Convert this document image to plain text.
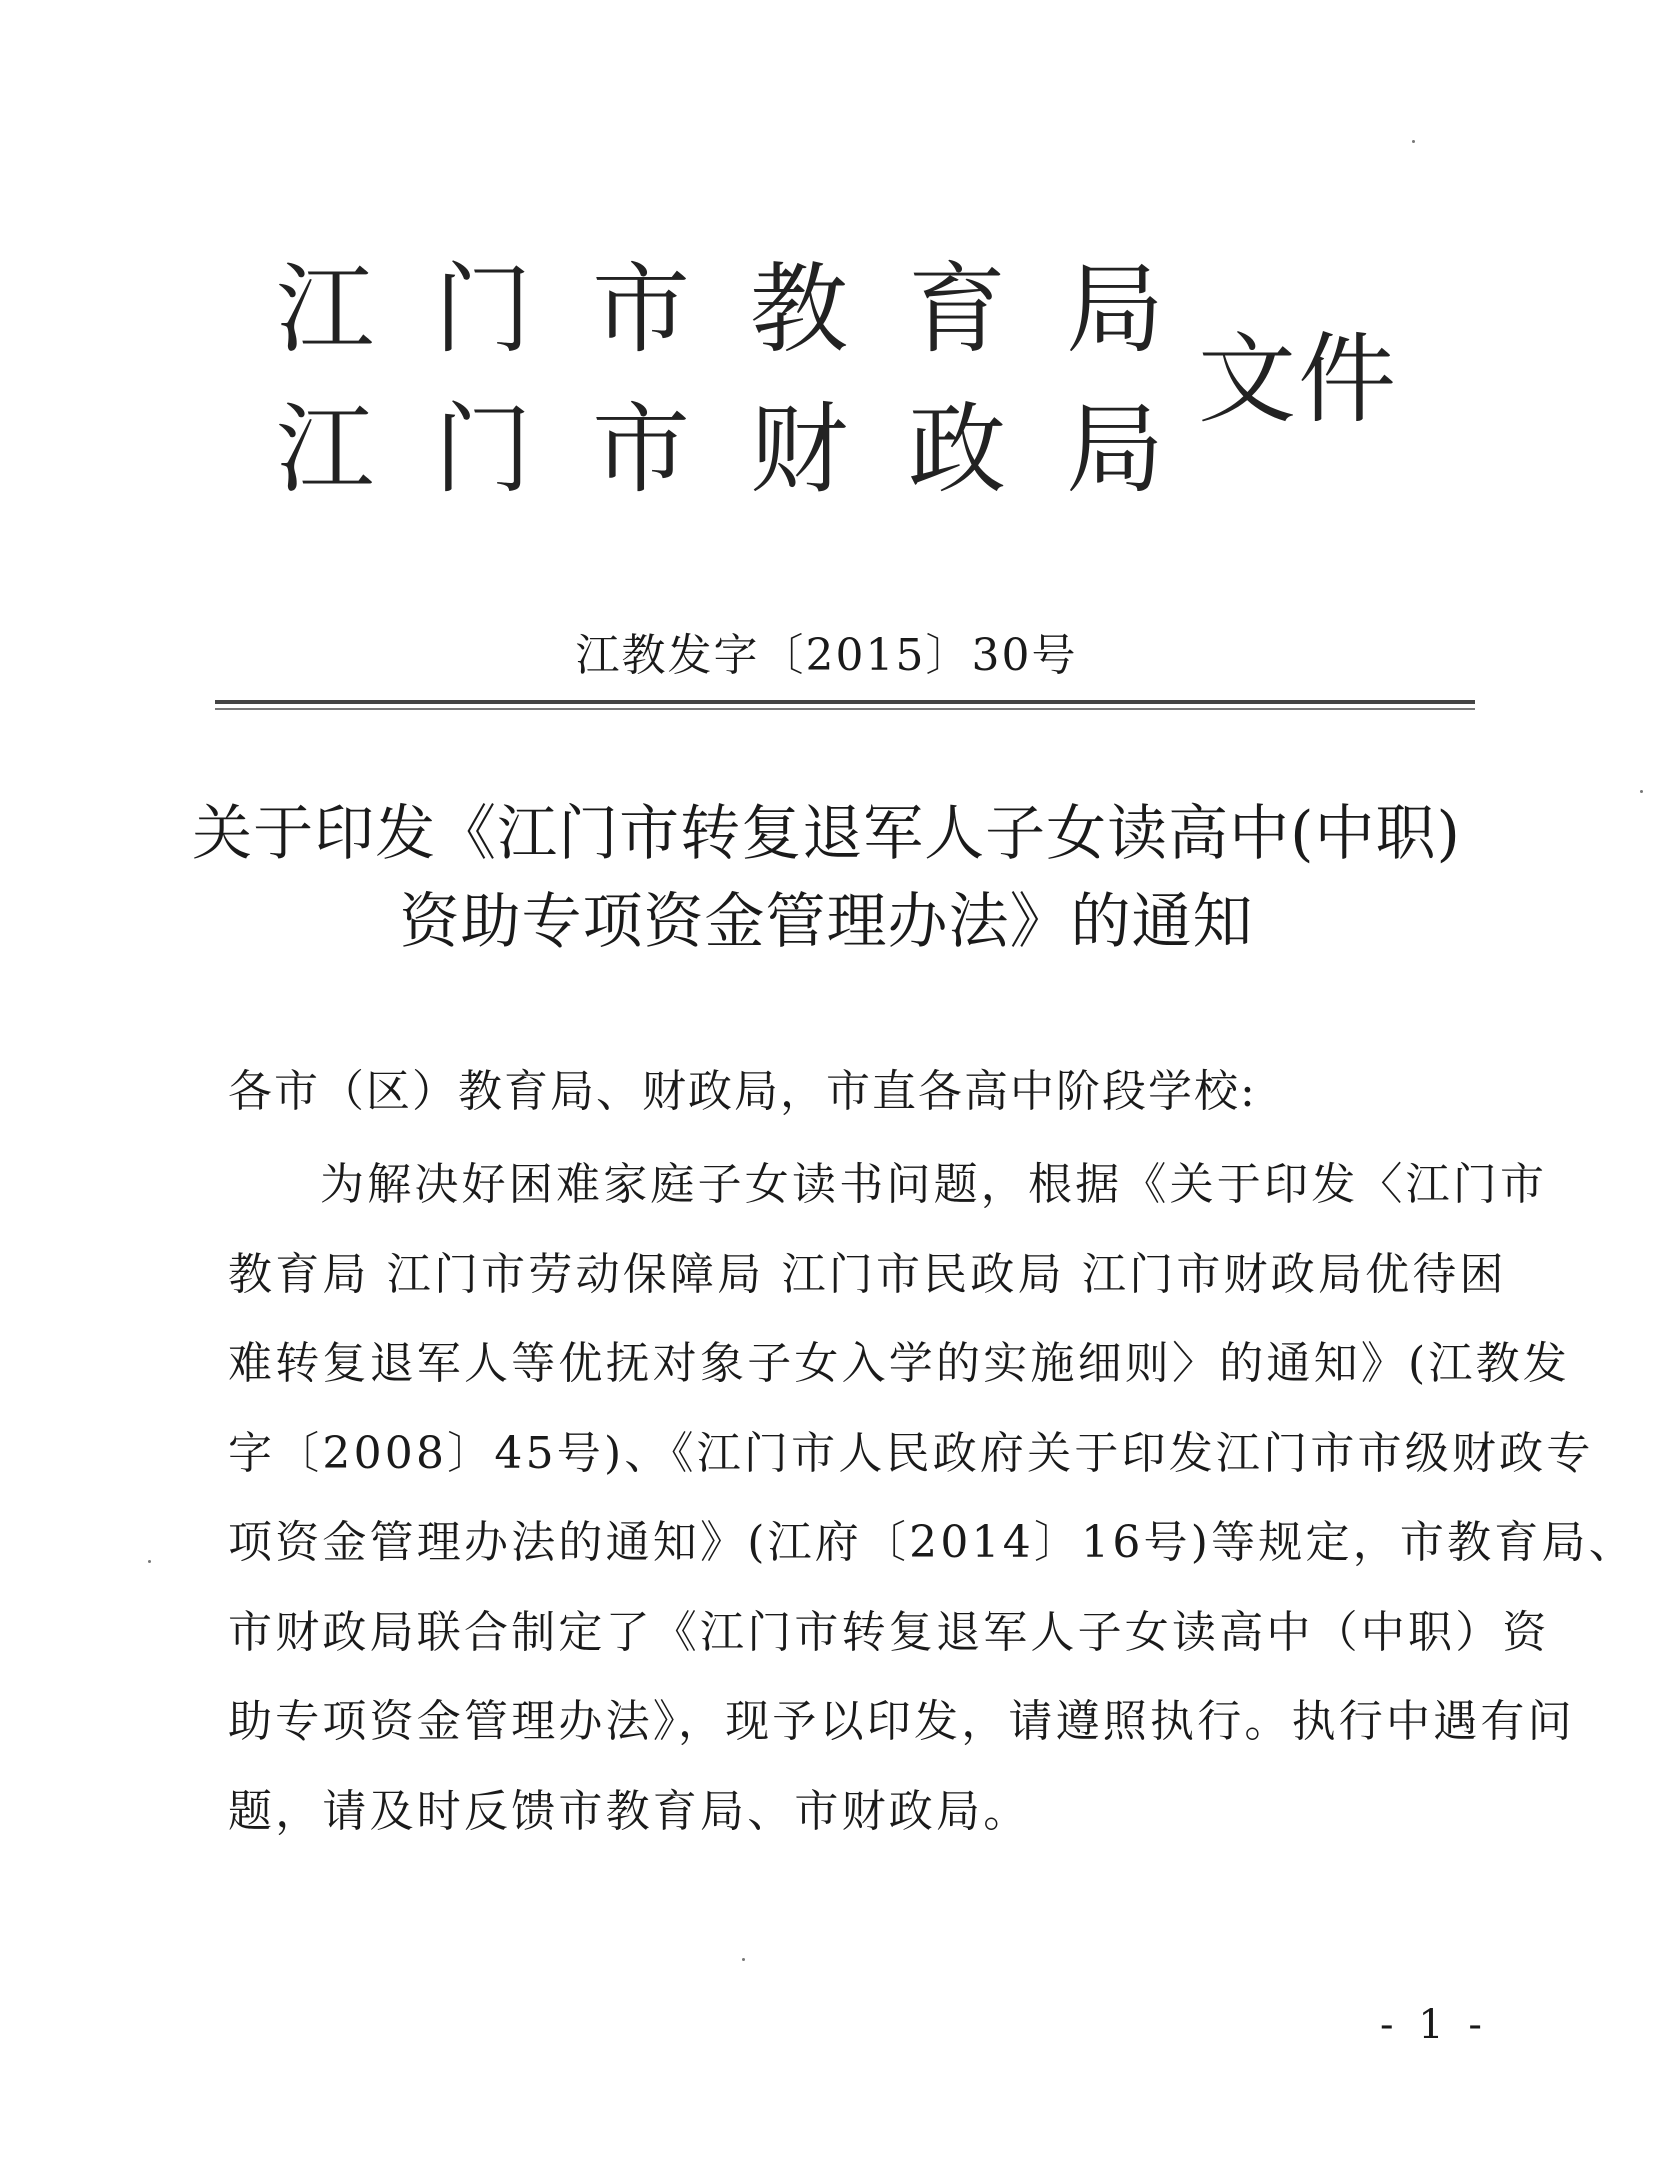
江 门 市 教 育 局
江 门 市 财 政 局
文件
江教发字〔2015〕30号
关于印发《江门市转复退军人子女读高中(中职)
资助专项资金管理办法》的通知
各市（区）教育局、财政局，市直各高中阶段学校:
为解决好困难家庭子女读书问题，根据《关于印发〈江门市
教育局 江门市劳动保障局 江门市民政局 江门市财政局优待困
难转复退军人等优抚对象子女入学的实施细则〉的通知》(江教发
字〔2008〕45号)、《江门市人民政府关于印发江门市市级财政专
项资金管理办法的通知》(江府〔2014〕16号)等规定，市教育局、
市财政局联合制定了《江门市转复退军人子女读高中（中职）资
助专项资金管理办法》，现予以印发，请遵照执行。执行中遇有问
题，请及时反馈市教育局、市财政局。
- 1 -
